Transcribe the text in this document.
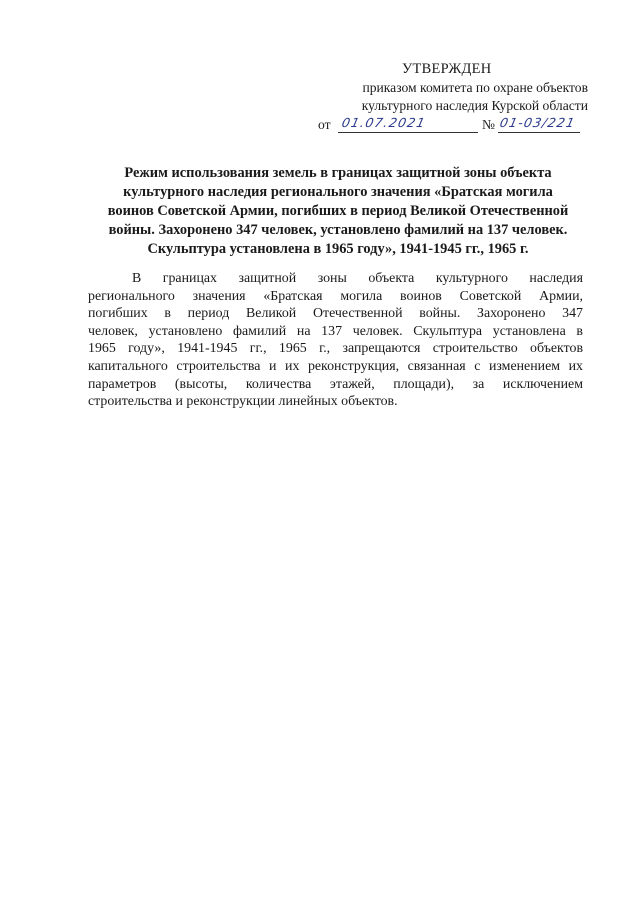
УТВЕРЖДЕН
приказом комитета по охране объектов
культурного наследия Курской области
от 01.07.2021	№ 01-03/221
Режим использования земель в границах защитной зоны объекта
культурного наследия регионального значения «Братская могила
воинов Советской Армии, погибших в период Великой Отечественной
войны. Захоронено 347 человек, установлено фамилий на 137 человек.
Скульптура установлена в 1965 году», 1941-1945 гг., 1965 г.
В границах защитной зоны объекта культурного наследия
регионального значения «Братская могила воинов Советской Армии,
погибших в период Великой Отечественной войны. Захоронено 347
человек, установлено фамилий на 137 человек. Скульптура установлена в
1965 году», 1941-1945 гг., 1965 г., запрещаются строительство объектов
капитального строительства и их реконструкция, связанная с изменением их
параметров (высоты, количества этажей, площади), за исключением
строительства и реконструкции линейных объектов.
